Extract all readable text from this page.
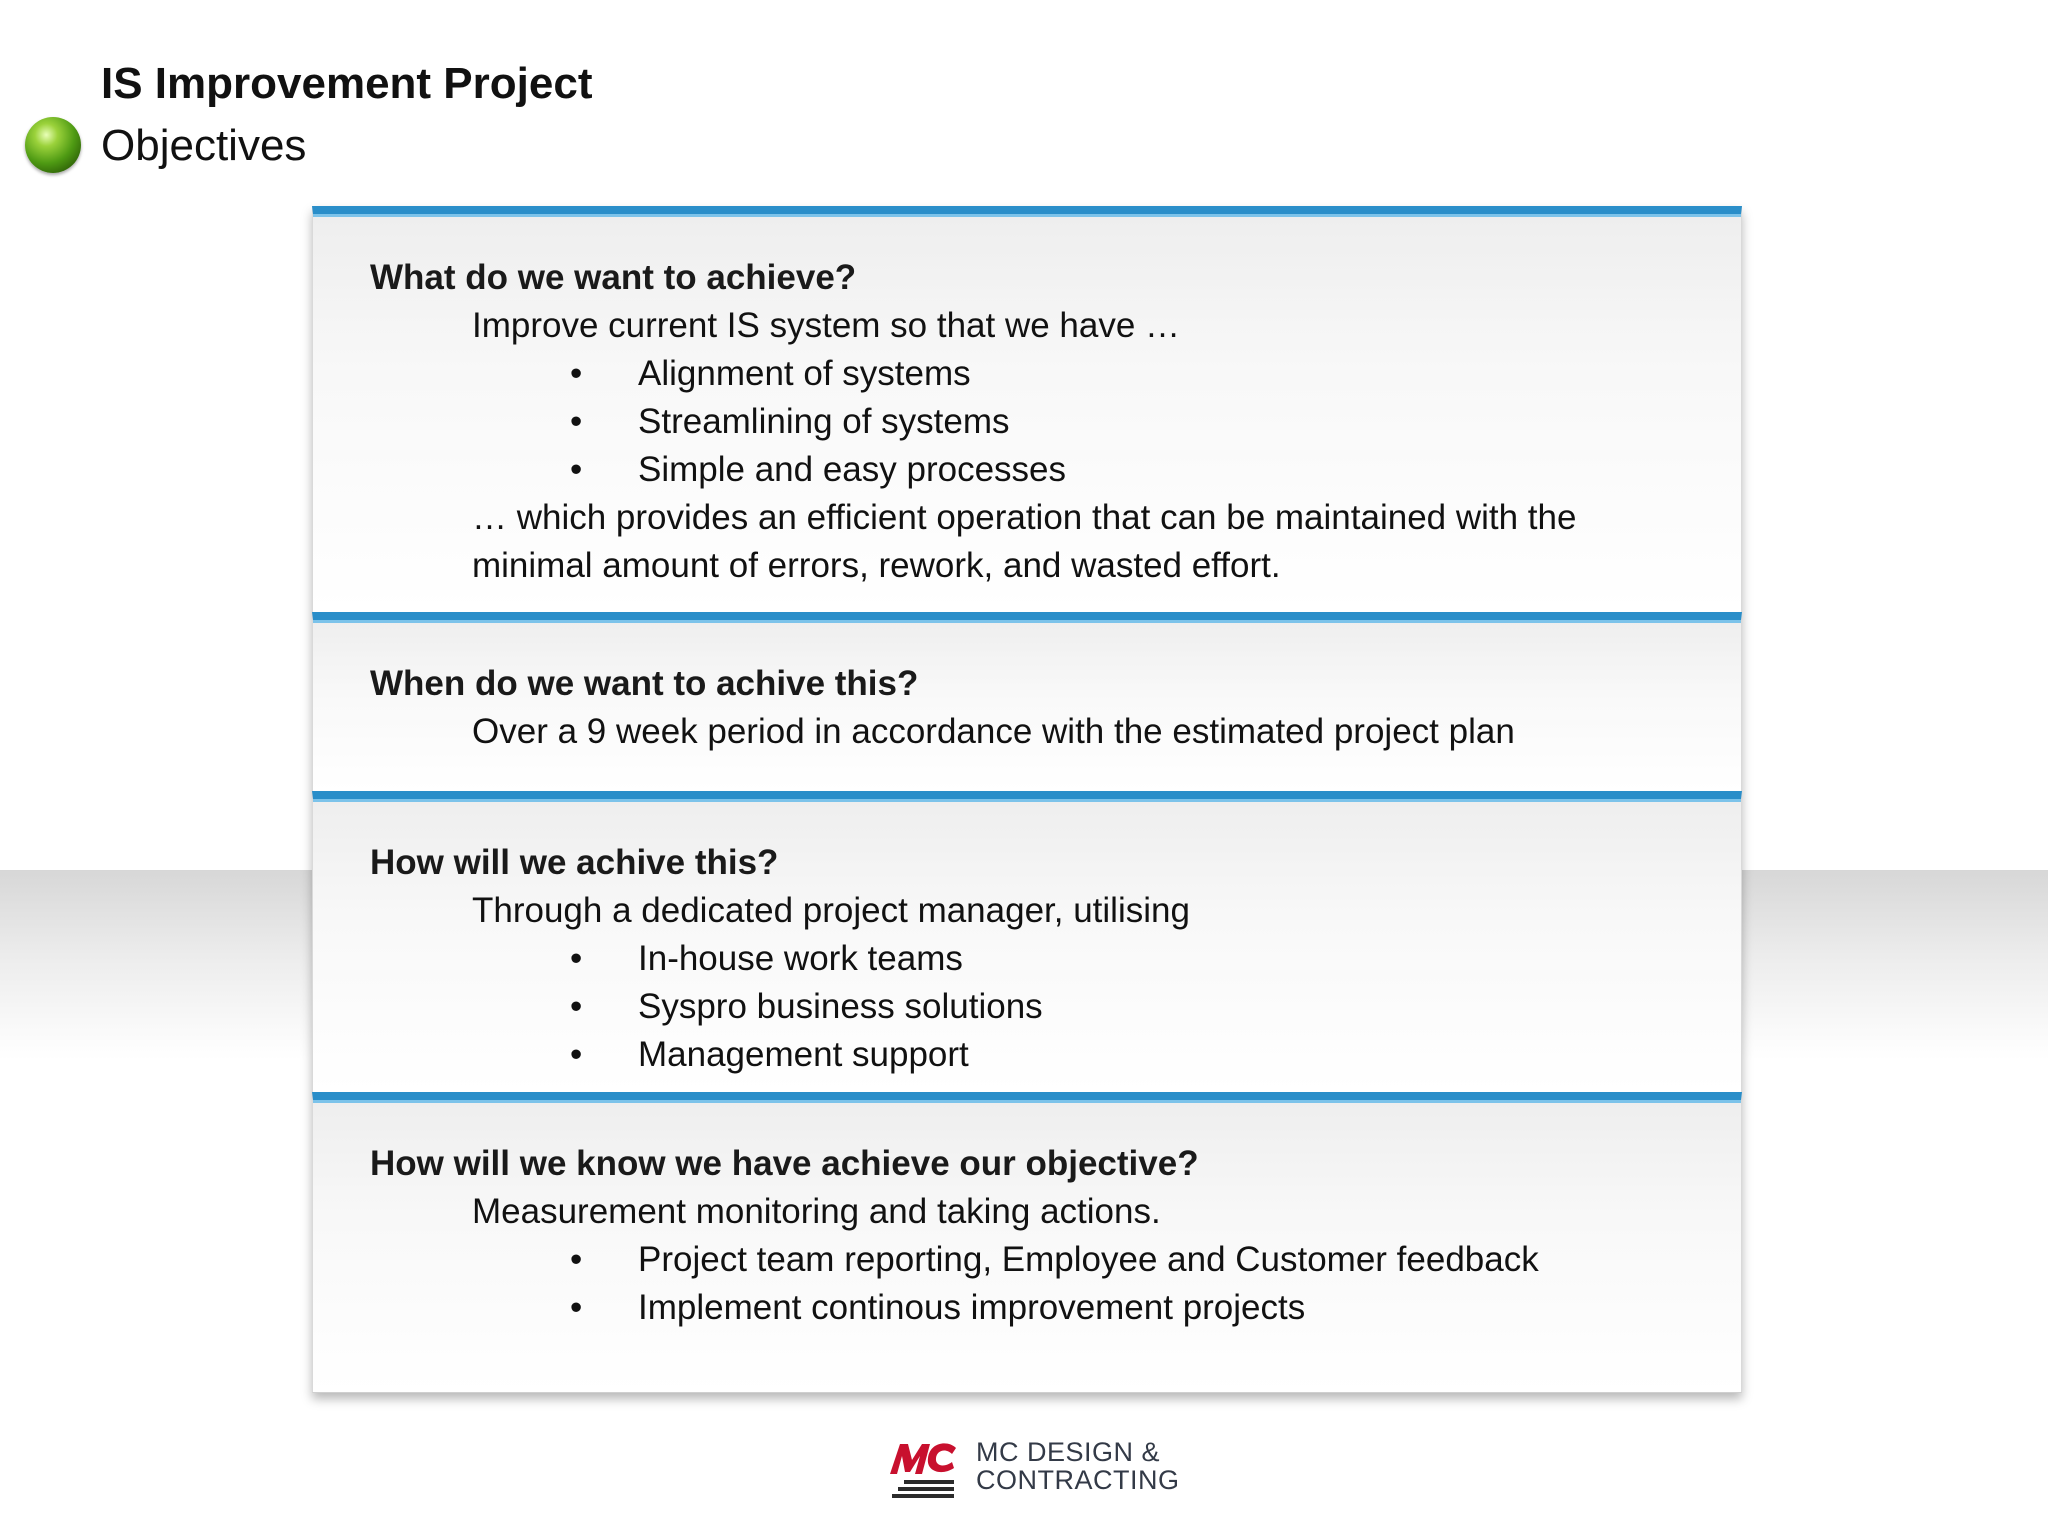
IS Improvement Project
Objectives
What do we want to achieve?
Improve current IS system so that we have …
• Alignment of systems
• Streamlining of systems
• Simple and easy processes
… which provides an efficient operation that can be maintained with the
minimal amount of errors, rework, and wasted effort.
When do we want to achive this?
Over a 9 week period in accordance with the estimated project plan
How will we achive this?
Through a dedicated project manager, utilising
• In-house work teams
• Syspro business solutions
• Management support
How will we know we have achieve our objective?
Measurement monitoring and taking actions.
• Project team reporting, Employee and Customer feedback
• Implement continous improvement projects
MC DESIGN &
CONTRACTING
